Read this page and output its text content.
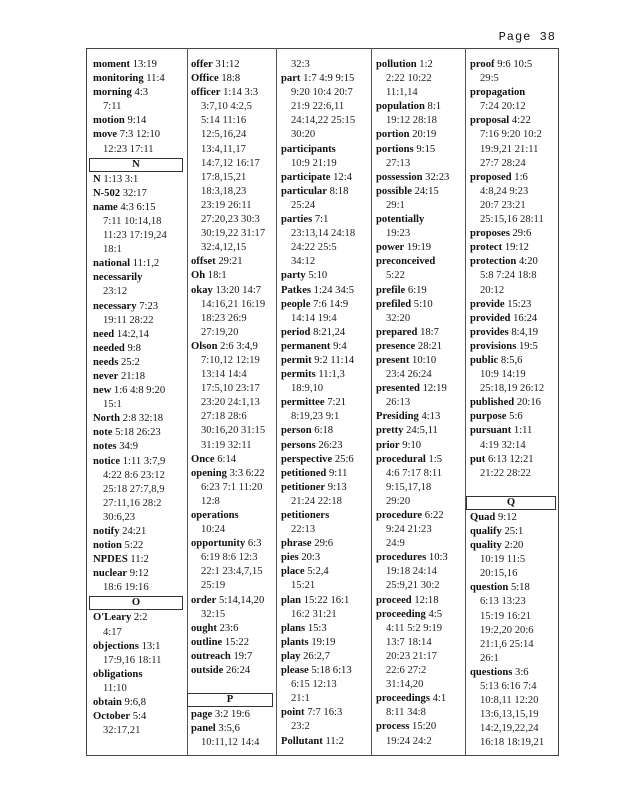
Page 38
moment 13:19
monitoring 11:4
morning 4:3
7:11
motion 9:14
move 7:3 12:10
12:23 17:11
N
N 1:13 3:1
N-502 32:17
name 4:3 6:15
7:11 10:14,18
11:23 17:19,24
18:1
national 11:1,2
necessarily
23:12
necessary 7:23
19:11 28:22
need 14:2,14
needed 9:8
needs 25:2
never 21:18
new 1:6 4:8 9:20
15:1
North 2:8 32:18
note 5:18 26:23
notes 34:9
notice 1:11 3:7,9
4:22 8:6 23:12
25:18 27:7,8,9
27:11,16 28:2
30:6,23
notify 24:21
notion 5:22
NPDES 11:2
nuclear 9:12
18:6 19:16
O
O'Leary 2:2
4:17
objections 13:1
17:9,16 18:11
obligations
11:10
obtain 9:6,8
October 5:4
32:17,21
offer 31:12
Office 18:8
officer 1:14 3:3
3:7,10 4:2,5
5:14 11:16
12:5,16,24
13:4,11,17
14:7,12 16:17
17:8,15,21
18:3,18,23
23:19 26:11
27:20,23 30:3
30:19,22 31:17
32:4,12,15
offset 29:21
Oh 18:1
okay 13:20 14:7
14:16,21 16:19
18:23 26:9
27:19,20
Olson 2:6 3:4,9
7:10,12 12:19
13:14 14:4
17:5,10 23:17
23:20 24:1,13
27:18 28:6
30:16,20 31:15
31:19 32:11
Once 6:14
opening 3:3 6:22
6:23 7:1 11:20
12:8
operations
10:24
opportunity 6:3
6:19 8:6 12:3
22:1 23:4,7,15
25:19
order 5:14,14,20
32:15
ought 23:6
outline 15:22
outreach 19:7
outside 26:24
P
page 3:2 19:6
panel 3:5,6
10:11,12 14:4
32:3
part 1:7 4:9 9:15
9:20 10:4 20:7
21:9 22:6,11
24:14,22 25:15
30:20
participants
10:9 21:19
participate 12:4
particular 8:18
25:24
parties 7:1
23:13,14 24:18
24:22 25:5
34:12
party 5:10
Patkes 1:24 34:5
people 7:6 14:9
14:14 19:4
period 8:21,24
permanent 9:4
permit 9:2 11:14
permits 11:1,3
18:9,10
permittee 7:21
8:19,23 9:1
person 6:18
persons 26:23
perspective 25:6
petitioned 9:11
petitioner 9:13
21:24 22:18
petitioners
22:13
phrase 29:6
pies 20:3
place 5:2,4
15:21
plan 15:22 16:1
16:2 31:21
plans 15:3
plants 19:19
play 26:2,7
please 5:18 6:13
6:15 12:13
21:1
point 7:7 16:3
23:2
Pollutant 11:2
pollution 1:2
2:22 10:22
11:1,14
population 8:1
19:12 28:18
portion 20:19
portions 9:15
27:13
possession 32:23
possible 24:15
29:1
potentially
19:23
power 19:19
preconceived
5:22
prefile 6:19
prefiled 5:10
32:20
prepared 18:7
presence 28:21
present 10:10
23:4 26:24
presented 12:19
26:13
Presiding 4:13
pretty 24:5,11
prior 9:10
procedural 1:5
4:6 7:17 8:11
9:15,17,18
29:20
procedure 6:22
9:24 21:23
24:9
procedures 10:3
19:18 24:14
25:9,21 30:2
proceed 12:18
proceeding 4:5
4:11 5:2 9:19
13:7 18:14
20:23 21:17
22:6 27:2
31:14,20
proceedings 4:1
8:11 34:8
process 15:20
19:24 24:2
proof 9:6 10:5
29:5
propagation
7:24 20:12
proposal 4:22
7:16 9:20 10:2
19:9,21 21:11
27:7 28:24
proposed 1:6
4:8,24 9:23
20:7 23:21
25:15,16 28:11
proposes 29:6
protect 19:12
protection 4:20
5:8 7:24 18:8
20:12
provide 15:23
provided 16:24
provides 8:4,19
provisions 19:5
public 8:5,6
10:9 14:19
25:18,19 26:12
published 20:16
purpose 5:6
pursuant 1:11
4:19 32:14
put 6:13 12:21
21:22 28:22
Q
Quad 9:12
qualify 25:1
quality 2:20
10:19 11:5
20:15,16
question 5:18
6:13 13:23
15:19 16:21
19:2,20 20:6
21:1,6 25:14
26:1
questions 3:6
5:13 6:16 7:4
10:8,11 12:20
13:6,13,15,19
14:2,19,22,24
16:18 18:19,21
